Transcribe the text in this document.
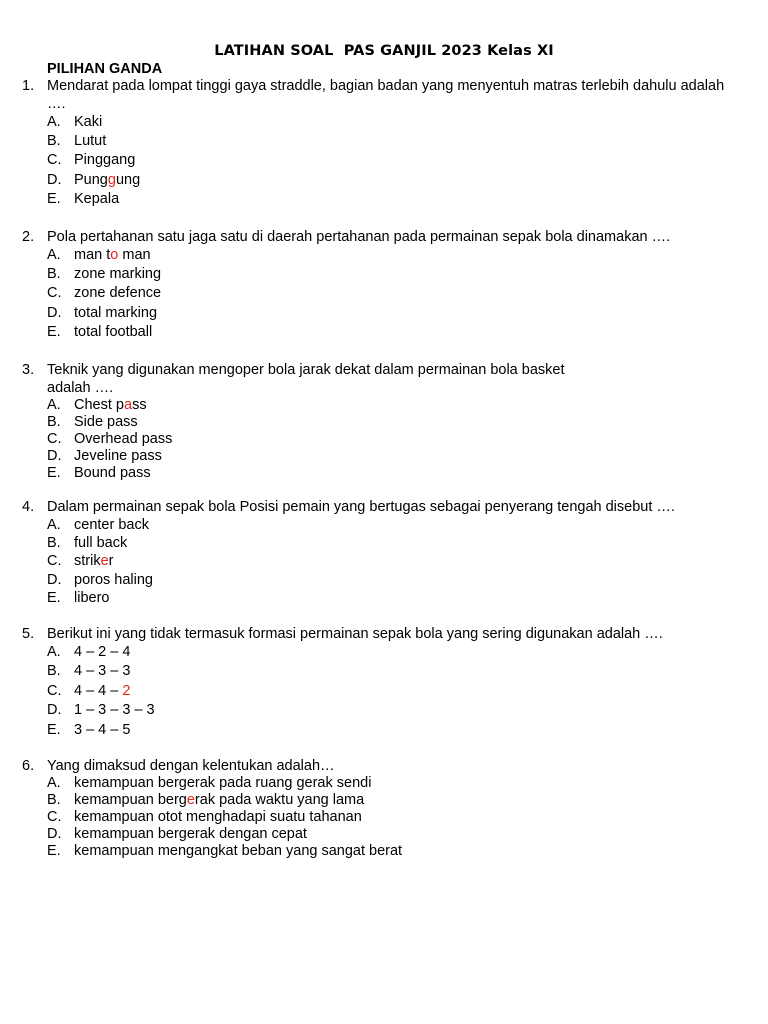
LATIHAN SOAL  PAS GANJIL 2023 Kelas XI
PILIHAN GANDA
1. Mendarat pada lompat tinggi gaya straddle, bagian badan yang menyentuh matras terlebih dahulu adalah ….
A. Kaki
B. Lutut
C. Pinggang
D. Punggung
E. Kepala
2. Pola pertahanan satu jaga satu di daerah pertahanan pada permainan sepak bola dinamakan ….
A. man to man
B. zone marking
C. zone defence
D. total marking
E. total football
3. Teknik yang digunakan mengoper bola jarak dekat dalam permainan bola basket
adalah ….
A. Chest pass
B. Side pass
C. Overhead pass
D. Jeveline pass
E. Bound pass
4. Dalam permainan sepak bola Posisi pemain yang bertugas sebagai penyerang tengah disebut ….
A. center back
B. full back
C. striker
D. poros haling
E. libero
5. Berikut ini yang tidak termasuk formasi permainan sepak bola yang sering digunakan adalah ….
A. 4 – 2 – 4
B. 4 – 3 – 3
C. 4 – 4 – 2
D. 1 – 3 – 3 – 3
E. 3 – 4 – 5
6. Yang dimaksud dengan kelentukan adalah…
A. kemampuan bergerak pada ruang gerak sendi
B. kemampuan bergerak pada waktu yang lama
C. kemampuan otot menghadapi suatu tahanan
D. kemampuan bergerak dengan cepat
E. kemampuan mengangkat beban yang sangat berat
